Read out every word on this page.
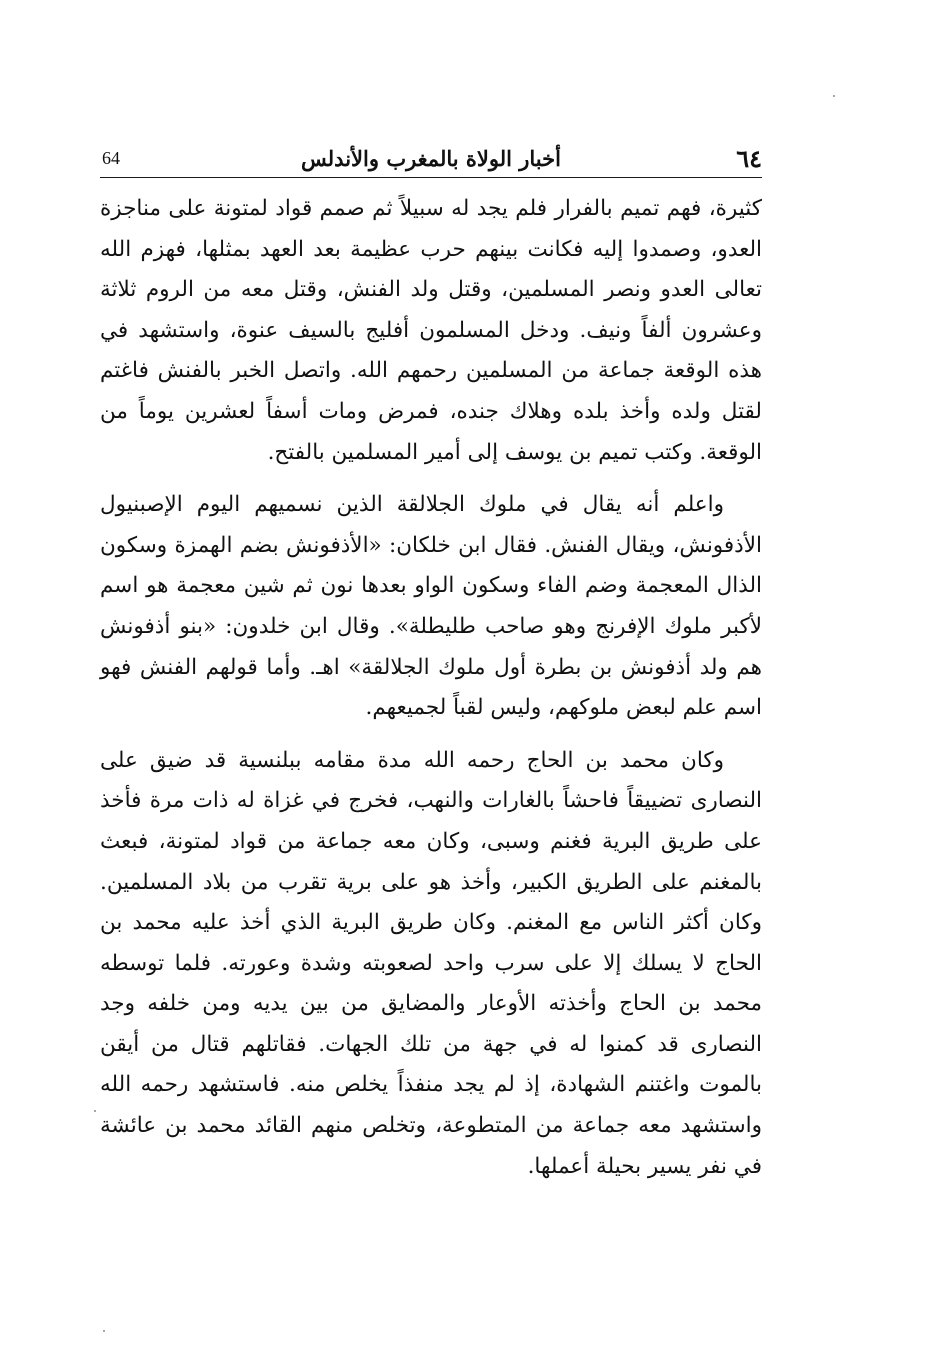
٦٤
أخبار الولاة بالمغرب والأندلس
64

كثيرة، فهم تميم بالفرار فلم يجد له سبيلاً ثم صمم قواد لمتونة على مناجزة العدو، وصمدوا إليه فكانت بينهم حرب عظيمة بعد العهد بمثلها، فهزم الله تعالى العدو ونصر المسلمين، وقتل ولد الفنش، وقتل معه من الروم ثلاثة وعشرون ألفاً ونيف. ودخل المسلمون أفليج بالسيف عنوة، واستشهد في هذه الوقعة جماعة من المسلمين رحمهم الله. واتصل الخبر بالفنش فاغتم لقتل ولده وأخذ بلده وهلاك جنده، فمرض ومات أسفاً لعشرين يوماً من الوقعة. وكتب تميم بن يوسف إلى أمير المسلمين بالفتح.

واعلم أنه يقال في ملوك الجلالقة الذين نسميهم اليوم الإصبنيول الأذفونش، ويقال الفنش. فقال ابن خلكان: «الأذفونش بضم الهمزة وسكون الذال المعجمة وضم الفاء وسكون الواو بعدها نون ثم شين معجمة هو اسم لأكبر ملوك الإفرنج وهو صاحب طليطلة». وقال ابن خلدون: «بنو أذفونش هم ولد أذفونش بن بطرة أول ملوك الجلالقة» اهـ. وأما قولهم الفنش فهو اسم علم لبعض ملوكهم، وليس لقباً لجميعهم.

وكان محمد بن الحاج رحمه الله مدة مقامه ببلنسية قد ضيق على النصارى تضييقاً فاحشاً بالغارات والنهب، فخرج في غزاة له ذات مرة فأخذ على طريق البرية فغنم وسبى، وكان معه جماعة من قواد لمتونة، فبعث بالمغنم على الطريق الكبير، وأخذ هو على برية تقرب من بلاد المسلمين. وكان أكثر الناس مع المغنم. وكان طريق البرية الذي أخذ عليه محمد بن الحاج لا يسلك إلا على سرب واحد لصعوبته وشدة وعورته. فلما توسطه محمد بن الحاج وأخذته الأوعار والمضايق من بين يديه ومن خلفه وجد النصارى قد كمنوا له في جهة من تلك الجهات. فقاتلهم قتال من أيقن بالموت واغتنم الشهادة، إذ لم يجد منفذاً يخلص منه. فاستشهد رحمه الله واستشهد معه جماعة من المتطوعة، وتخلص منهم القائد محمد بن عائشة في نفر يسير بحيلة أعملها.
